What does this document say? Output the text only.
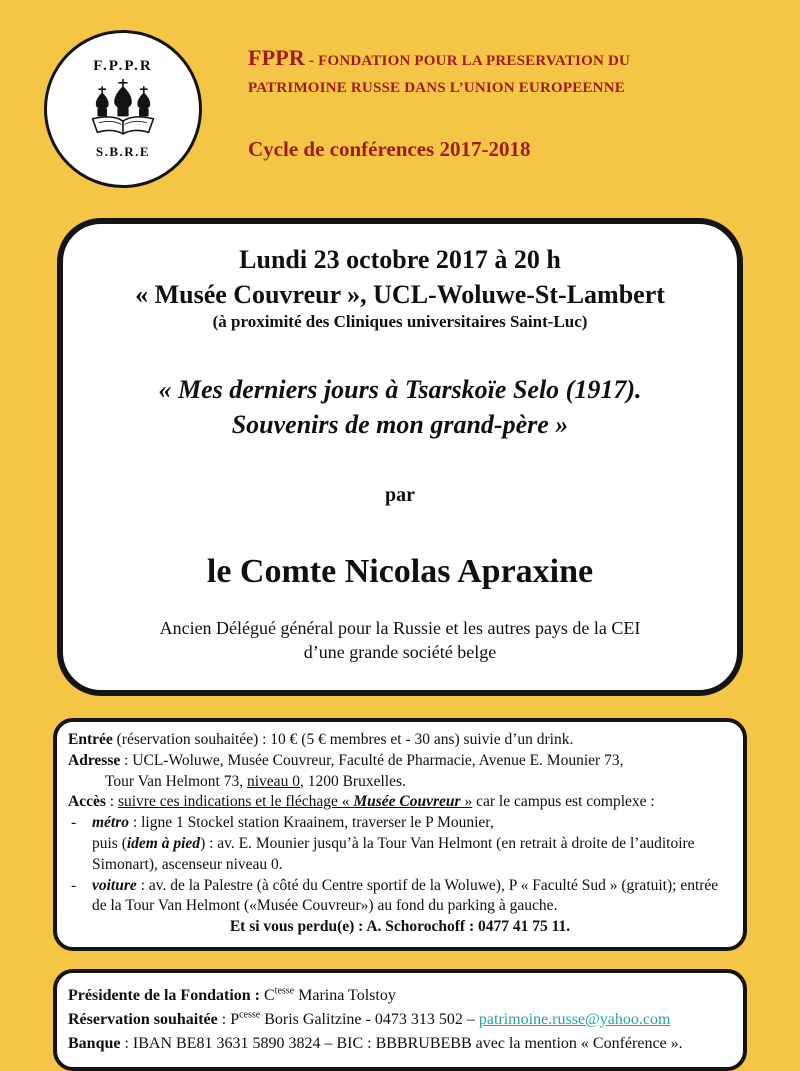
F.P.P.R
S.B.R.E
FPPR - FONDATION POUR LA PRESERVATION DU
PATRIMOINE RUSSE DANS L’UNION EUROPEENNE
Cycle de conférences 2017-2018
Lundi 23 octobre 2017 à 20 h
« Musée Couvreur », UCL-Woluwe-St-Lambert
(à proximité des Cliniques universitaires Saint-Luc)
« Mes derniers jours à Tsarskoïe Selo (1917).
Souvenirs de mon grand-père »
par
le Comte Nicolas Apraxine
Ancien Délégué général pour la Russie et les autres pays de la CEI
d’une grande société belge
Entrée (réservation souhaitée) : 10 € (5 € membres et - 30 ans) suivie d’un drink.
Adresse : UCL-Woluwe, Musée Couvreur, Faculté de Pharmacie, Avenue E. Mounier 73,
Tour Van Helmont 73, niveau 0, 1200 Bruxelles.
Accès : suivre ces indications et le fléchage « Musée Couvreur » car le campus est complexe :
-	métro : ligne 1 Stockel station Kraainem, traverser le P Mounier,
puis (idem à pied) : av. E. Mounier jusqu’à la Tour Van Helmont (en retrait à droite de l’auditoire Simonart), ascenseur niveau 0.
-	voiture : av. de la Palestre (à côté du Centre sportif de la Woluwe), P « Faculté Sud » (gratuit); entrée de la Tour Van Helmont («Musée Couvreur») au fond du parking à gauche.
Et si vous perdu(e) : A. Schorochoff : 0477 41 75 11.
Présidente de la Fondation : $C^{tesse}$ Marina Tolstoy
Réservation souhaitée : $P^{cesse}$ Boris Galitzine - 0473 313 502 – patrimoine.russe@yahoo.com
Banque : IBAN BE81 3631 5890 3824 – BIC : BBBRUBEBB avec la mention « Conférence ».
